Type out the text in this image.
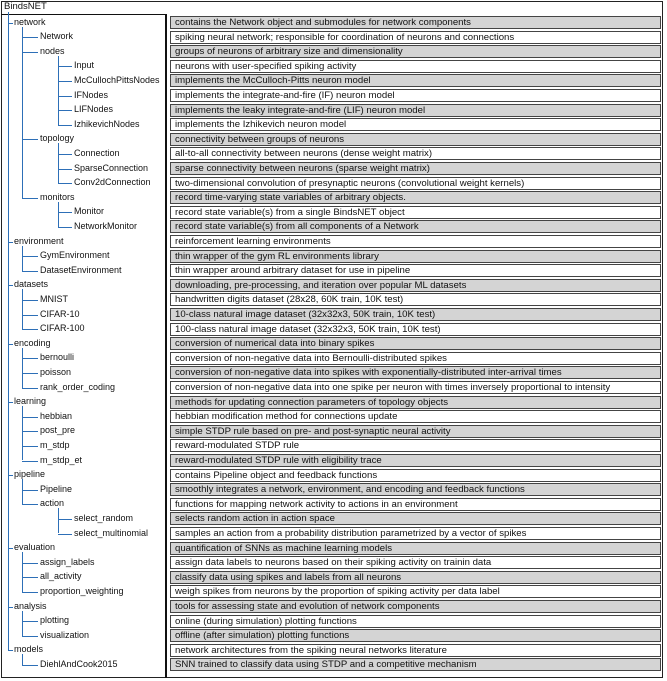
BindsNET
network
Network
nodes
Input
McCullochPittsNodes
IFNodes
LIFNodes
IzhikevichNodes
topology
Connection
SparseConnection
Conv2dConnection
monitors
Monitor
NetworkMonitor
environment
GymEnvironment
DatasetEnvironment
datasets
MNIST
CIFAR-10
CIFAR-100
encoding
bernoulli
poisson
rank_order_coding
learning
hebbian
post_pre
m_stdp
m_stdp_et
pipeline
Pipeline
action
select_random
select_multinomial
evaluation
assign_labels
all_activity
proportion_weighting
analysis
plotting
visualization
models
DiehlAndCook2015
contains the Network object and submodules for network components
spiking neural network; responsible for coordination of neurons and connections
groups of neurons of arbitrary size and dimensionality
neurons with user-specified spiking activity
implements the McCulloch-Pitts neuron model
implements the integrate-and-fire (IF) neuron model
implements the leaky integrate-and-fire (LIF) neuron model
implements the Izhikevich neuron model
connectivity between groups of neurons
all-to-all connectivity between neurons (dense weight matrix)
sparse connectivity between neurons (sparse weight matrix)
two-dimensional convolution of presynaptic neurons (convolutional weight kernels)
record time-varying state variables of arbitrary objects.
record state variable(s) from a single BindsNET object
record state variable(s) from all components of a Network
reinforcement learning environments
thin wrapper of the gym RL environments library
thin wrapper around arbitrary dataset for use in pipeline
downloading, pre-processing, and iteration over popular ML datasets
handwritten digits dataset (28x28, 60K train, 10K test)
10-class natural image dataset (32x32x3, 50K train, 10K test)
100-class natural image dataset (32x32x3, 50K train, 10K test)
conversion of numerical data into binary spikes
conversion of non-negative data into Bernoulli-distributed spikes
conversion of non-negative data into spikes with exponentially-distributed inter-arrival times
conversion of non-negative data into one spike per neuron with times inversely proportional to intensity
methods for updating connection parameters of topology objects
hebbian modification method for connections update
simple STDP rule based on pre- and post-synaptic neural activity
reward-modulated STDP rule
reward-modulated STDP rule with eligibility trace
contains Pipeline object and feedback functions
smoothly integrates a network, environment, and encoding and feedback functions
functions for mapping network activity to actions in an environment
selects random action in action space
samples an action from a probability distribution parametrized by a vector of spikes
quantification of SNNs as machine learning models
assign data labels to neurons based on their spiking activity on trainin data
classify data using spikes and labels from all neurons
weigh spikes from neurons by the proportion of spiking activity per data label
tools for assessing state and evolution of network components
online (during simulation) plotting functions
offline (after simulation) plotting functions
network architectures from the spiking neural networks literature
SNN trained to classify data using STDP and a competitive mechanism
